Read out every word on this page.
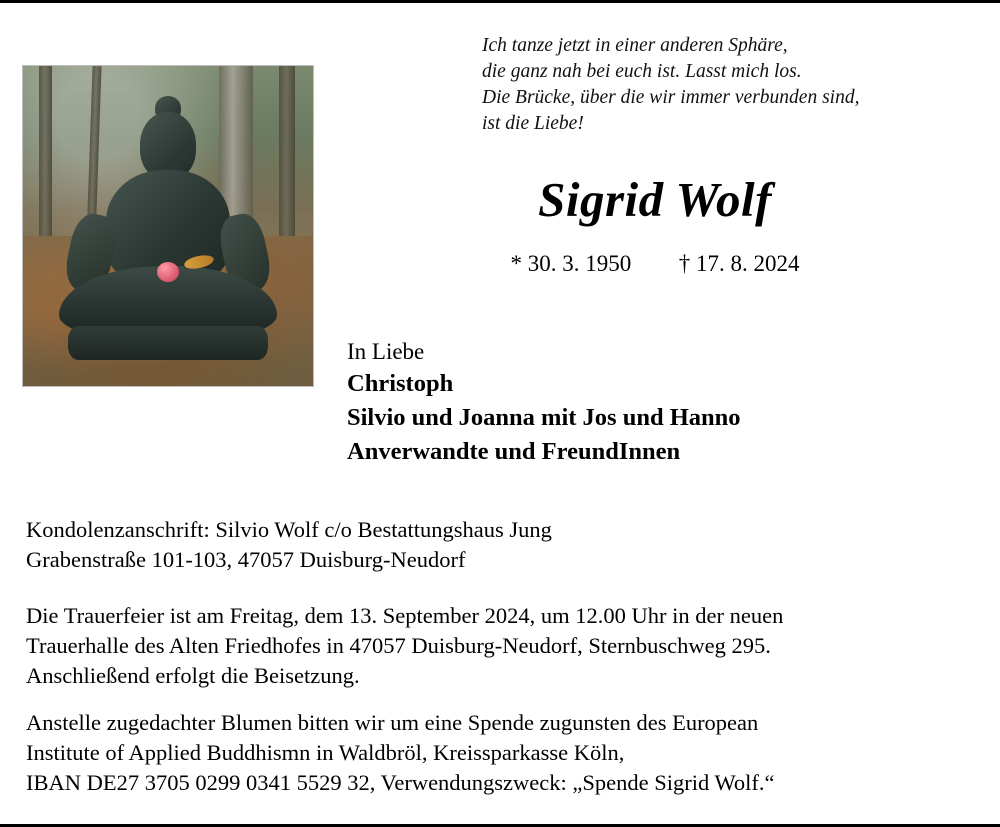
Ich tanze jetzt in einer anderen Sphäre,
die ganz nah bei euch ist. Lasst mich los.
Die Brücke, über die wir immer verbunden sind,
ist die Liebe!
Sigrid Wolf
* 30. 3. 1950 † 17. 8. 2024
In Liebe
Christoph
Silvio und Joanna mit Jos und Hanno
Anverwandte und FreundInnen
Kondolenzanschrift: Silvio Wolf c/o Bestattungshaus Jung
Grabenstraße 101-103, 47057 Duisburg-Neudorf
Die Trauerfeier ist am Freitag, dem 13. September 2024, um 12.00 Uhr in der neuen
Trauerhalle des Alten Friedhofes in 47057 Duisburg-Neudorf, Sternbuschweg 295.
Anschließend erfolgt die Beisetzung.
Anstelle zugedachter Blumen bitten wir um eine Spende zugunsten des European
Institute of Applied Buddhismn in Waldbröl, Kreissparkasse Köln,
IBAN DE27 3705 0299 0341 5529 32, Verwendungszweck: „Spende Sigrid Wolf.“
